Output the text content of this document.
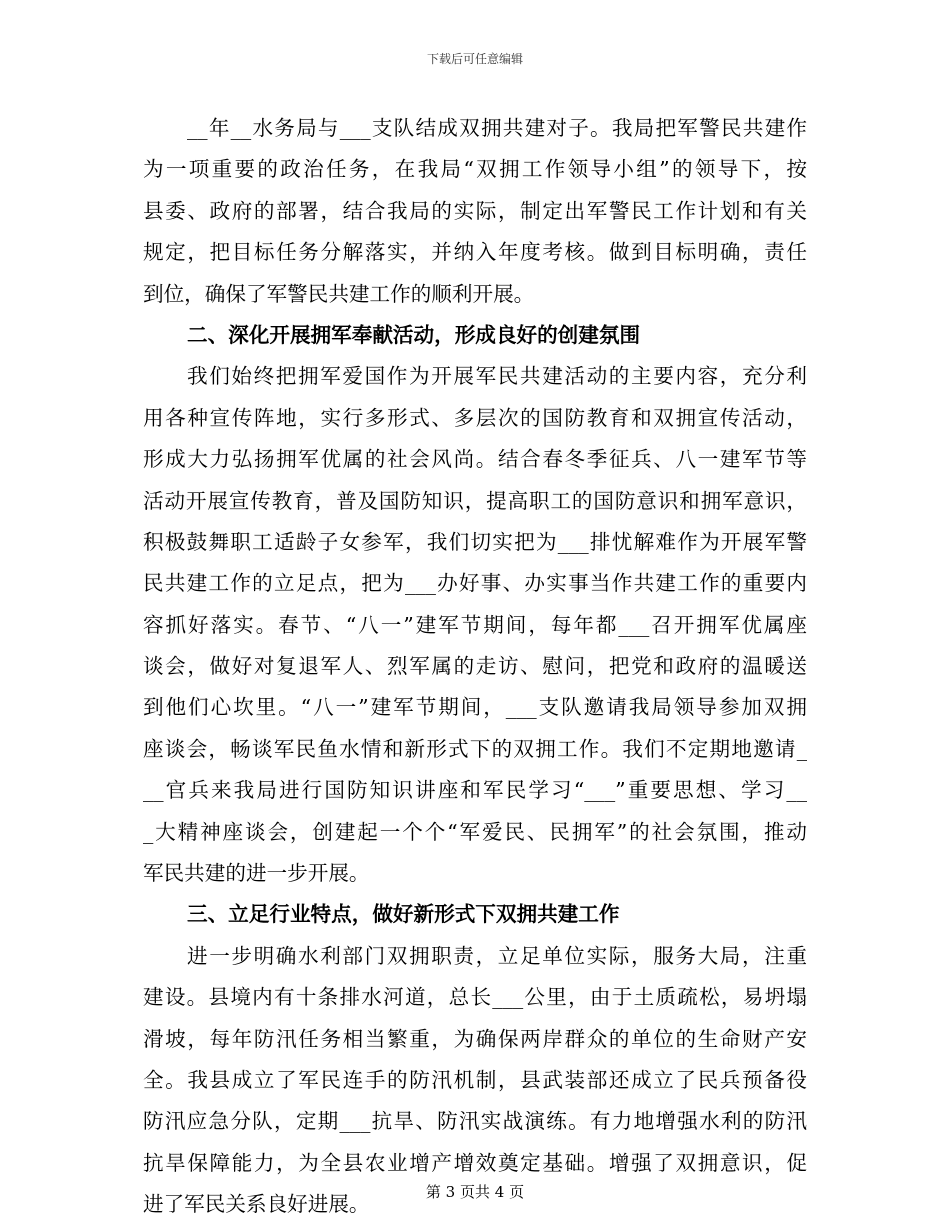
下载后可任意编辑
__年__水务局与___支队结成双拥共建对子。我局把军警民共建作
为一项重要的政治任务，在我局“双拥工作领导小组”的领导下，按
县委、政府的部署，结合我局的实际，制定出军警民工作计划和有关
规定，把目标任务分解落实，并纳入年度考核。做到目标明确，责任
到位，确保了军警民共建工作的顺利开展。
二、深化开展拥军奉献活动，形成良好的创建氛围
我们始终把拥军爱国作为开展军民共建活动的主要内容，充分利
用各种宣传阵地，实行多形式、多层次的国防教育和双拥宣传活动，
形成大力弘扬拥军优属的社会风尚。结合春冬季征兵、八一建军节等
活动开展宣传教育，普及国防知识，提高职工的国防意识和拥军意识，
积极鼓舞职工适龄子女参军，我们切实把为___排忧解难作为开展军警
民共建工作的立足点，把为___办好事、办实事当作共建工作的重要内
容抓好落实。春节、“八一”建军节期间，每年都___召开拥军优属座
谈会，做好对复退军人、烈军属的走访、慰问，把党和政府的温暖送
到他们心坎里。“八一”建军节期间，___支队邀请我局领导参加双拥
座谈会，畅谈军民鱼水情和新形式下的双拥工作。我们不定期地邀请_
__官兵来我局进行国防知识讲座和军民学习“___”重要思想、学习__
_大精神座谈会，创建起一个个“军爱民、民拥军”的社会氛围，推动
军民共建的进一步开展。
三、立足行业特点，做好新形式下双拥共建工作
进一步明确水利部门双拥职责，立足单位实际，服务大局，注重
建设。县境内有十条排水河道，总长___公里，由于土质疏松，易坍塌
滑坡，每年防汛任务相当繁重，为确保两岸群众的单位的生命财产安
全。我县成立了军民连手的防汛机制，县武装部还成立了民兵预备役
防汛应急分队，定期___抗旱、防汛实战演练。有力地增强水利的防汛
抗旱保障能力，为全县农业增产增效奠定基础。增强了双拥意识，促
进了军民关系良好进展。
第 3 页共 4 页
